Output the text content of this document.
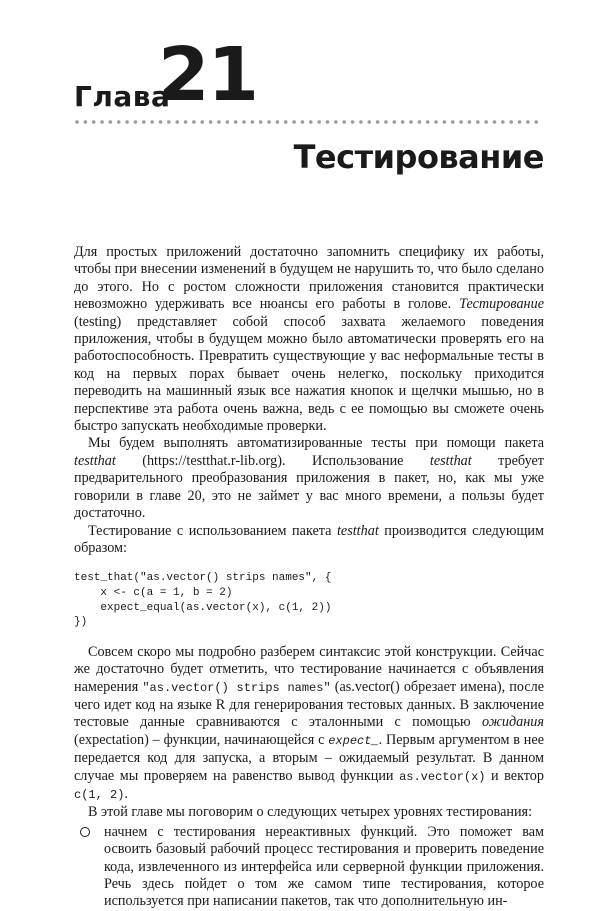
Глава
21
Тестирование

Для простых приложений достаточно запомнить специфику их работы, чтобы при внесении изменений в будущем не нарушить то, что было сделано до этого. Но с ростом сложности приложения становится практически невозможно удерживать все нюансы его работы в голове. Тестирование (testing) представляет собой способ захвата желаемого поведения приложения, чтобы в будущем можно было автоматически проверять его на работоспособность. Превратить существующие у вас неформальные тесты в код на первых порах бывает очень нелегко, поскольку приходится переводить на машинный язык все нажатия кнопок и щелчки мышью, но в перспективе эта работа очень важна, ведь с ее помощью вы сможете очень быстро запускать необходимые проверки.

Мы будем выполнять автоматизированные тесты при помощи пакета testthat (https://testthat.r-lib.org). Использование testthat требует предварительного преобразования приложения в пакет, но, как мы уже говорили в главе 20, это не займет у вас много времени, а пользы будет достаточно.

Тестирование с использованием пакета testthat производится следующим образом:

test_that("as.vector() strips names", {
x <- c(a = 1, b = 2)
expect_equal(as.vector(x), c(1, 2))
})

Совсем скоро мы подробно разберем синтаксис этой конструкции. Сейчас же достаточно будет отметить, что тестирование начинается с объявления намерения "as.vector() strips names" (as.vector() обрезает имена), после чего идет код на языке R для генерирования тестовых данных. В заключение тестовые данные сравниваются с эталонными с помощью ожидания (expectation) – функции, начинающейся с expect_. Первым аргументом в нее передается код для запуска, а вторым – ожидаемый результат. В данном случае мы проверяем на равенство вывод функции as.vector(x) и вектор c(1, 2).

В этой главе мы поговорим о следующих четырех уровнях тестирования:

начнем с тестирования нереактивных функций. Это поможет вам освоить базовый рабочий процесс тестирования и проверить поведение кода, извлеченного из интерфейса или серверной функции приложения. Речь здесь пойдет о том же самом типе тестирования, которое используется при написании пакетов, так что дополнительную ин-
